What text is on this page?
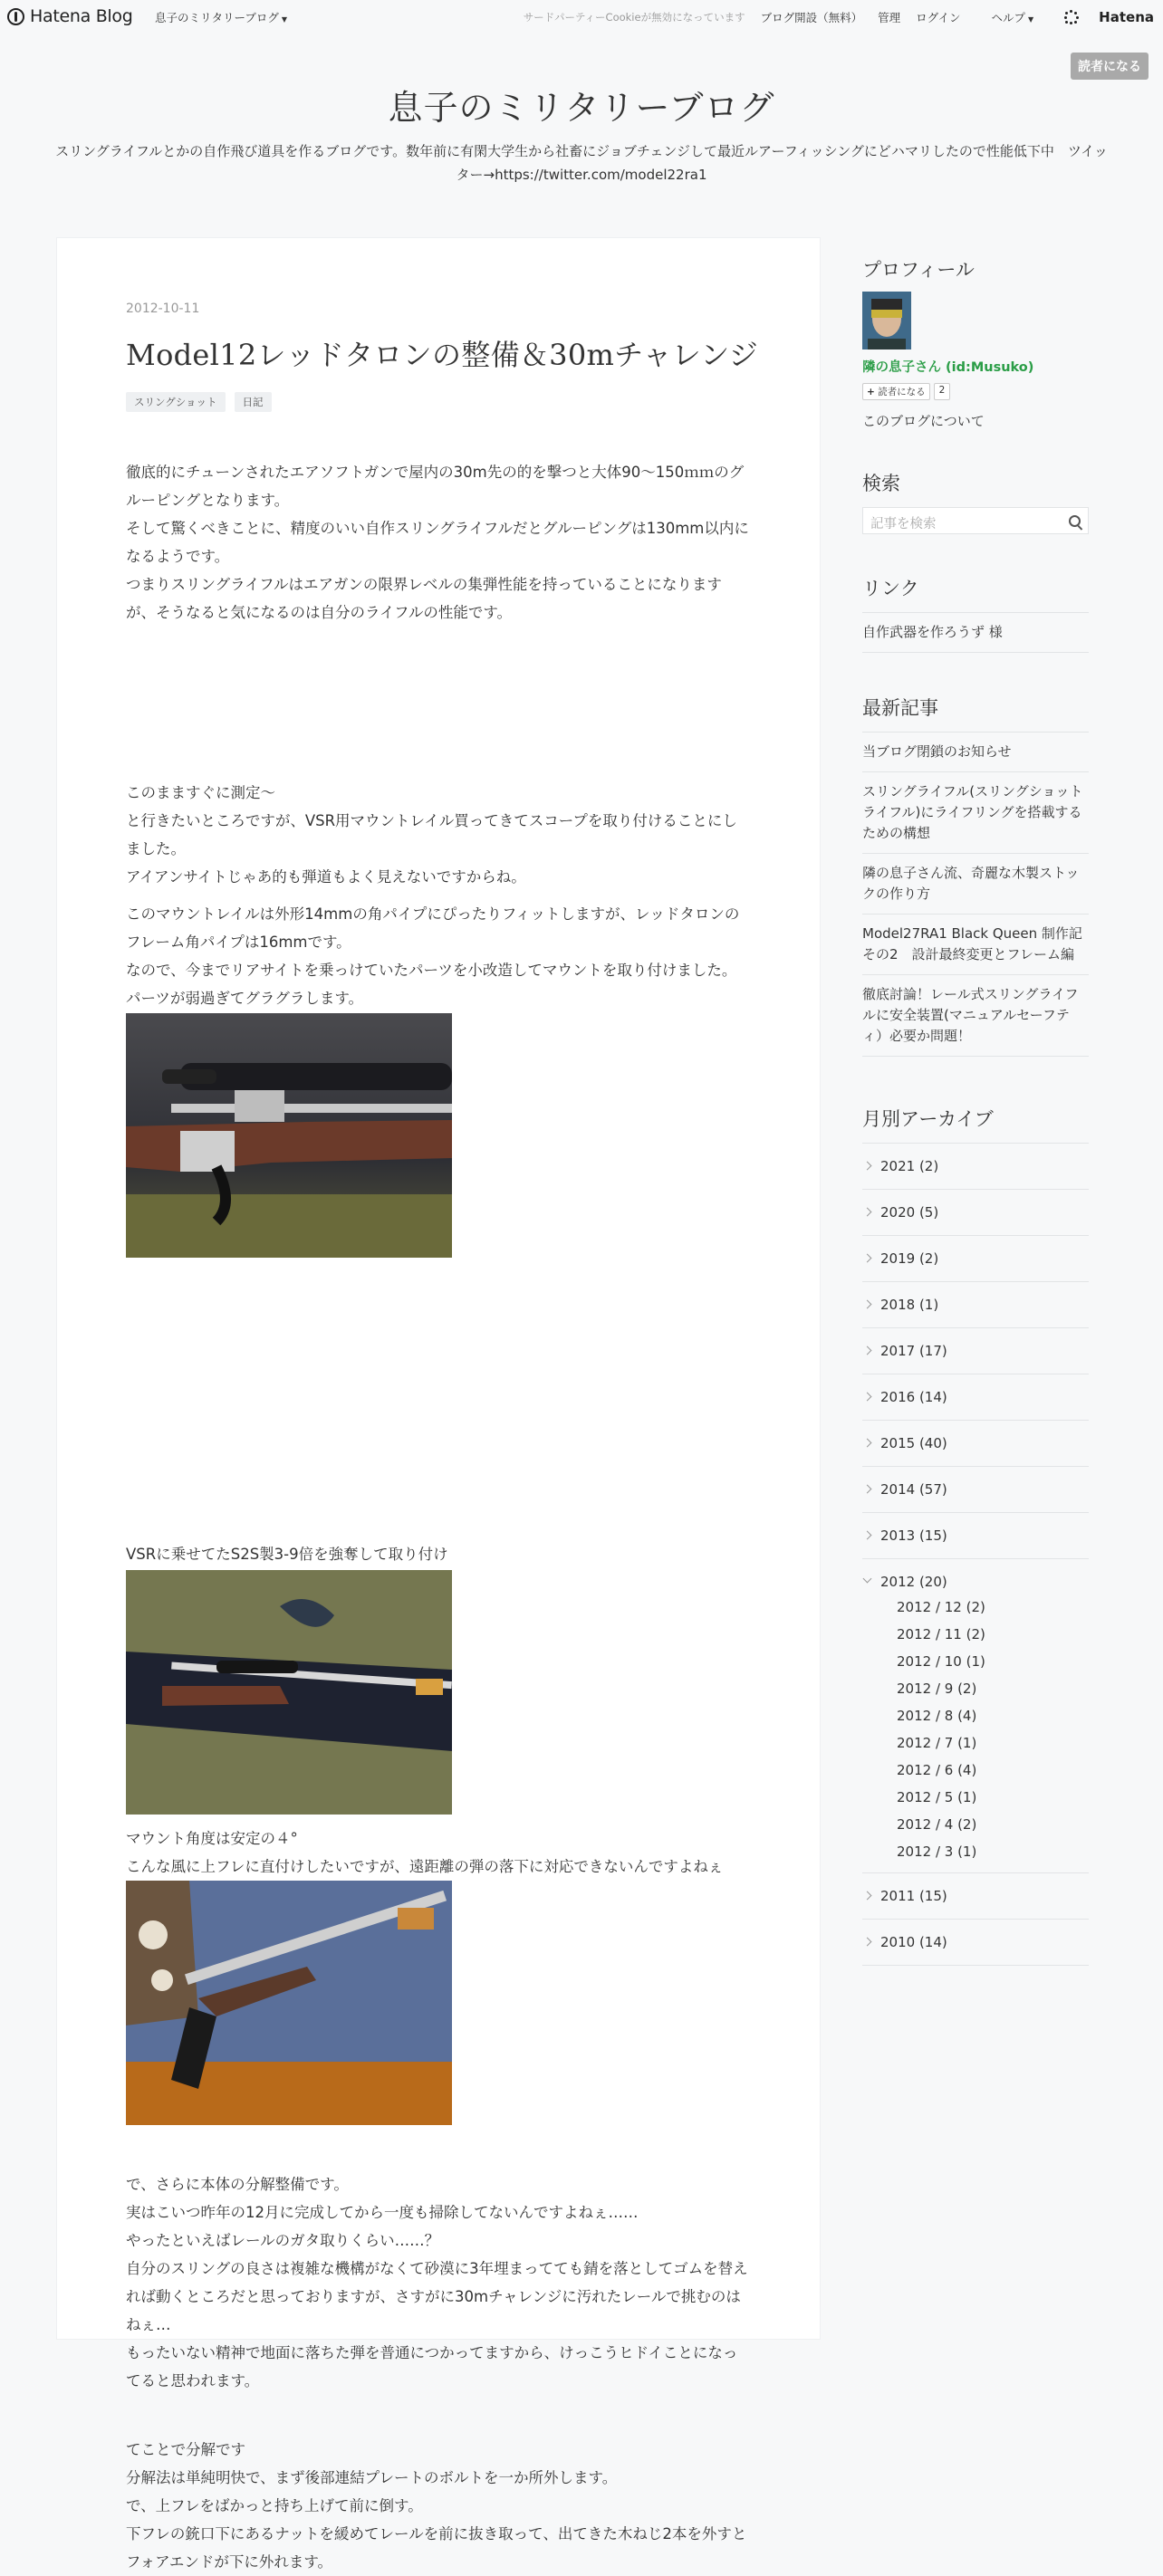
Hatena Blog 息子のミリタリーブログ ▼	サードパーティーCookieが無効になっています ブログ開設（無料） 管理 ログイン	ヘルプ ▼	Hatena
読者になる
息子のミリタリーブログ
スリングライフルとかの自作飛び道具を作るブログです。数年前に有閑大学生から社畜にジョブチェンジして最近ルアーフィッシングにどハマリしたので性能低下中　ツイッター→https://twitter.com/model22ra1
2012-10-11
Model12レッドタロンの整備＆30mチャレンジ
スリングショット	日記
徹底的にチューンされたエアソフトガンで屋内の30m先の的を撃つと大体90〜150ｍｍのグルーピングとなります。
そして驚くべきことに、精度のいい自作スリングライフルだとグルーピングは130mm以内になるようです。
つまりスリングライフルはエアガンの限界レベルの集弾性能を持っていることになりますが、そうなると気になるのは自分のライフルの性能です。
このまますぐに測定〜
と行きたいところですが、VSR用マウントレイル買ってきてスコープを取り付けることにしました。
アイアンサイトじゃあ的も弾道もよく見えないですからね。
このマウントレイルは外形14mmの角パイプにぴったりフィットしますが、レッドタロンのフレーム角パイプは16mmです。
なので、今までリアサイトを乗っけていたパーツを小改造してマウントを取り付けました。パーツが弱過ぎてグラグラします。
VSRに乗せてたS2S製3-9倍を強奪して取り付け
マウント角度は安定の４°
こんな風に上フレに直付けしたいですが、遠距離の弾の落下に対応できないんですよねぇ
で、さらに本体の分解整備です。
実はこいつ昨年の12月に完成してから一度も掃除してないんですよねぇ……
やったといえばレールのガタ取りくらい……？
自分のスリングの良さは複雑な機構がなくて砂漠に3年埋まってても錆を落としてゴムを替えれば動くところだと思っておりますが、さすがに30mチャレンジに汚れたレールで挑むのはねぇ…
もったいない精神で地面に落ちた弾を普通につかってますから、けっこうヒドイことになってると思われます。
てことで分解です
分解法は単純明快で、まず後部連結プレートのボルトを一か所外します。
で、上フレをばかっと持ち上げて前に倒す。
下フレの銃口下にあるナットを緩めてレールを前に抜き取って、出てきた木ねじ2本を外すとフォアエンドが下に外れます。
プロフィール
隣の息子さん (id:Musuko)
+ 読者になる	2
このブログについて
検索
記事を検索
リンク
自作武器を作ろうず 様
最新記事
当ブログ閉鎖のお知らせ
スリングライフル(スリングショットライフル)にライフリングを搭載するための構想
隣の息子さん流、奇麗な木製ストックの作り方
Model27RA1 Black Queen 制作記 その2　設計最終変更とフレーム編
徹底討論！レール式スリングライフルに安全装置(マニュアルセーフティ）必要か問題！
月別アーカイブ
2021 (2)
2020 (5)
2019 (2)
2018 (1)
2017 (17)
2016 (14)
2015 (40)
2014 (57)
2013 (15)
2012 (20)
2012 / 12 (2)
2012 / 11 (2)
2012 / 10 (1)
2012 / 9 (2)
2012 / 8 (4)
2012 / 7 (1)
2012 / 6 (4)
2012 / 5 (1)
2012 / 4 (2)
2012 / 3 (1)
2011 (15)
2010 (14)
